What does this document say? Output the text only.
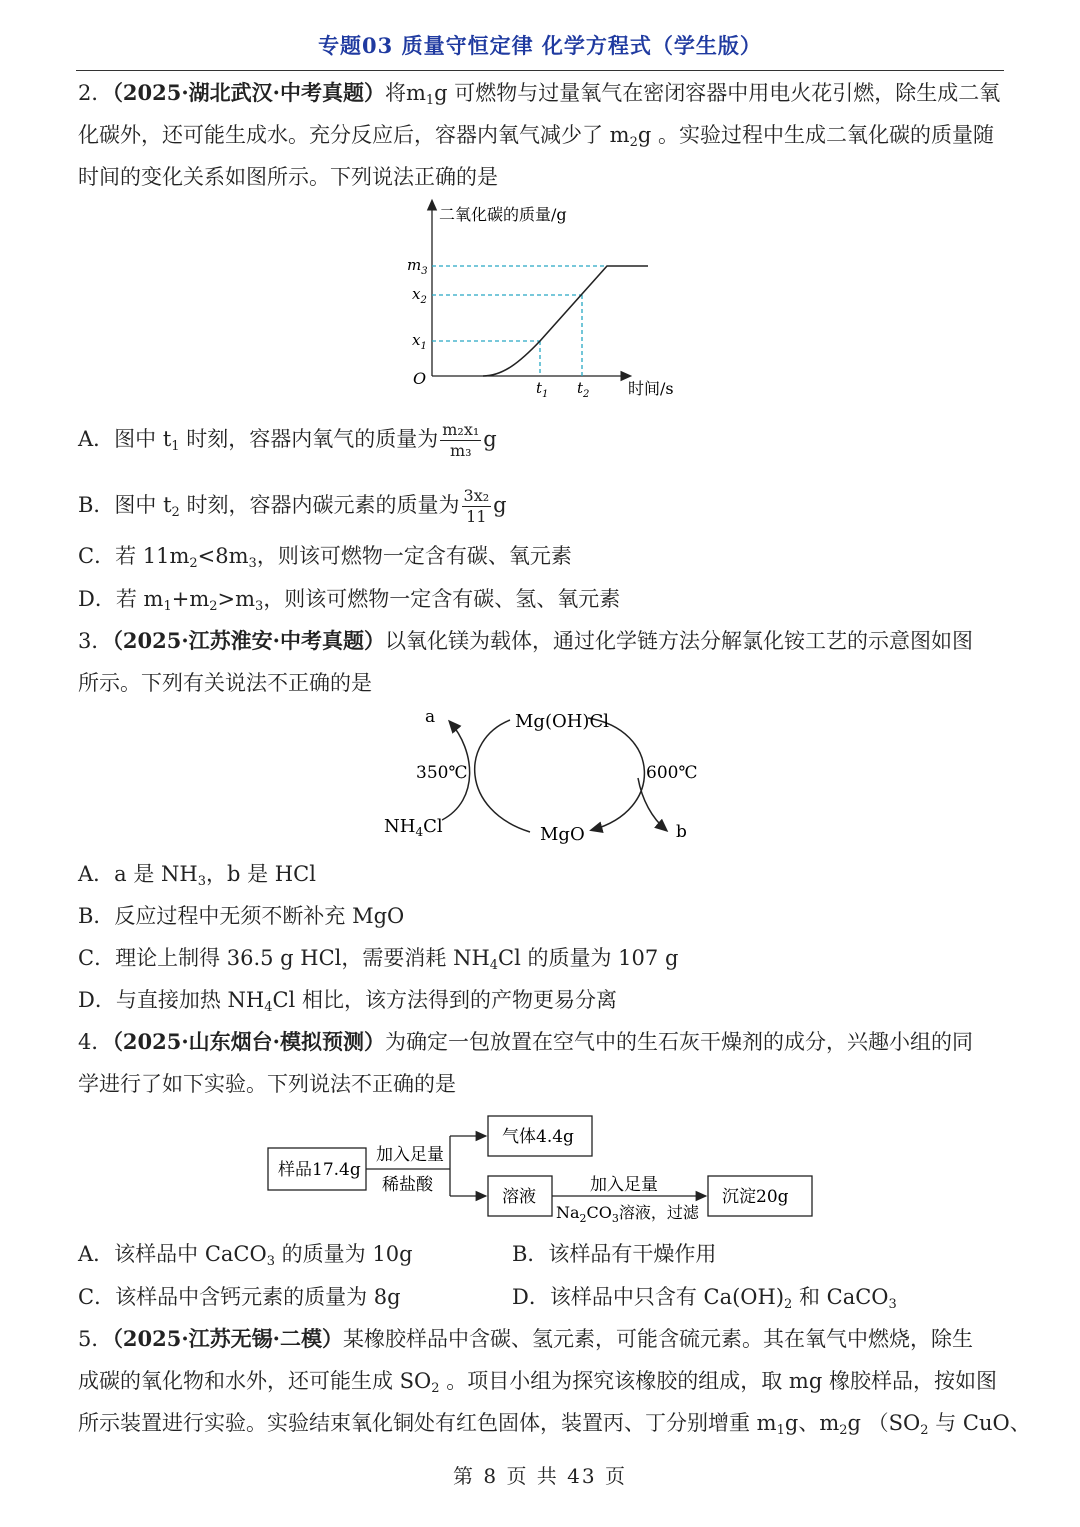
专题03 质量守恒定律 化学方程式（学生版）
2．（2025·湖北武汉·中考真题）将$m_1g$ 可燃物与过量氧气在密闭容器中用电火花引燃，除生成二氧
化碳外，还可能生成水。充分反应后，容器内氧气减少了 $m_2g$ 。实验过程中生成二氧化碳的质量随
时间的变化关系如图所示。下列说法正确的是
二氧化碳的质量/g
时间/s
O
$m_3$
$x_2$
$x_1$
$t_1$ $t_2$
A．图中 $t_1$ 时刻，容器内氧气的质量为 $\frac{\text{m₂x₁}}{\text{m₃}}$ g
B．图中 $t_2$ 时刻，容器内碳元素的质量为 $\frac{\text{3x₂}}{11}$ g
C．若 $11m_2<8m_3$，则该可燃物一定含有碳、氧元素
D．若 $m_1+m_2>m_3$，则该可燃物一定含有碳、氢、氧元素
3．（2025·江苏淮安·中考真题）以氧化镁为载体，通过化学链方法分解氯化铵工艺的示意图如图
所示。下列有关说法不正确的是
a
b
350℃	600℃
Mg(OH)Cl
MgO
$NH_4Cl$
A．a 是 $NH_3$，b 是 HCl
B．反应过程中无须不断补充 MgO
C．理论上制得 36.5 g HCl，需要消耗 $NH_4Cl$ 的质量为 107 g
D．与直接加热 $NH_4Cl$ 相比，该方法得到的产物更易分离
4．（2025·山东烟台·模拟预测）为确定一包放置在空气中的生石灰干燥剂的成分，兴趣小组的同
学进行了如下实验。下列说法不正确的是
样品17.4g
加入足量
稀盐酸
气体4.4g
溶液
加入足量
$Na_2CO_3$溶液，过滤
沉淀20g
A．该样品中 CaCO$_3$ 的质量为 10g	B．该样品有干燥作用
C．该样品中含钙元素的质量为 8g	D．该样品中只含有 $Ca(OH)_2$ 和 CaCO$_3$
5．（2025·江苏无锡·二模）某橡胶样品中含碳、氢元素，可能含硫元素。其在氧气中燃烧，除生
成碳的氧化物和水外，还可能生成 $SO_2$ 。项目小组为探究该橡胶的组成，取 mg 橡胶样品，按如图
所示装置进行实验。实验结束氧化铜处有红色固体，装置丙、丁分别增重 $m_1g$、$m_2g$ （$SO_2$ 与 CuO、
第 8 页 共 43 页
